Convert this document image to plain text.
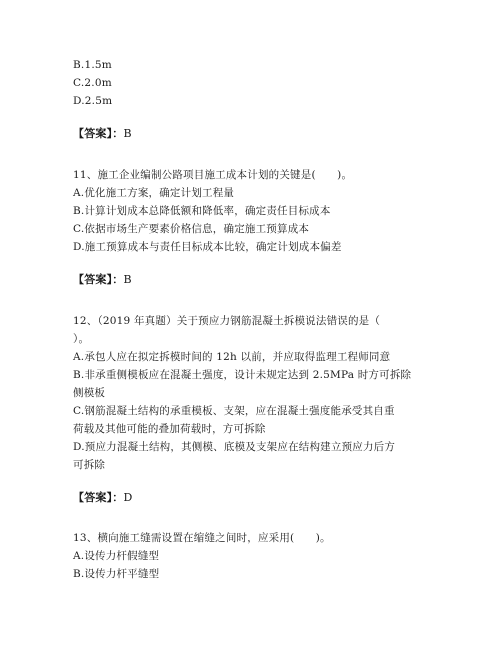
B.1.5m
C.2.0m
D.2.5m
【答案】：B
11、施工企业编制公路项目施工成本计划的关键是(　　)。
A.优化施工方案，确定计划工程量
B.计算计划成本总降低额和降低率，确定责任目标成本
C.依据市场生产要素价格信息，确定施工预算成本
D.施工预算成本与责任目标成本比较，确定计划成本偏差
【答案】：B
12、（2019 年真题）关于预应力钢筋混凝土拆模说法错误的是（
）。
A.承包人应在拟定拆模时间的 12h 以前，并应取得监理工程师同意
B.非承重侧模板应在混凝土强度，设计未规定达到 2.5MPa 时方可拆除
侧模板
C.钢筋混凝土结构的承重模板、支架，应在混凝土强度能承受其自重
荷载及其他可能的叠加荷载时，方可拆除
D.预应力混凝土结构，其侧模、底模及支架应在结构建立预应力后方
可拆除
【答案】：D
13、横向施工缝需设置在缩缝之间时，应采用(　　)。
A.设传力杆假缝型
B.设传力杆平缝型
